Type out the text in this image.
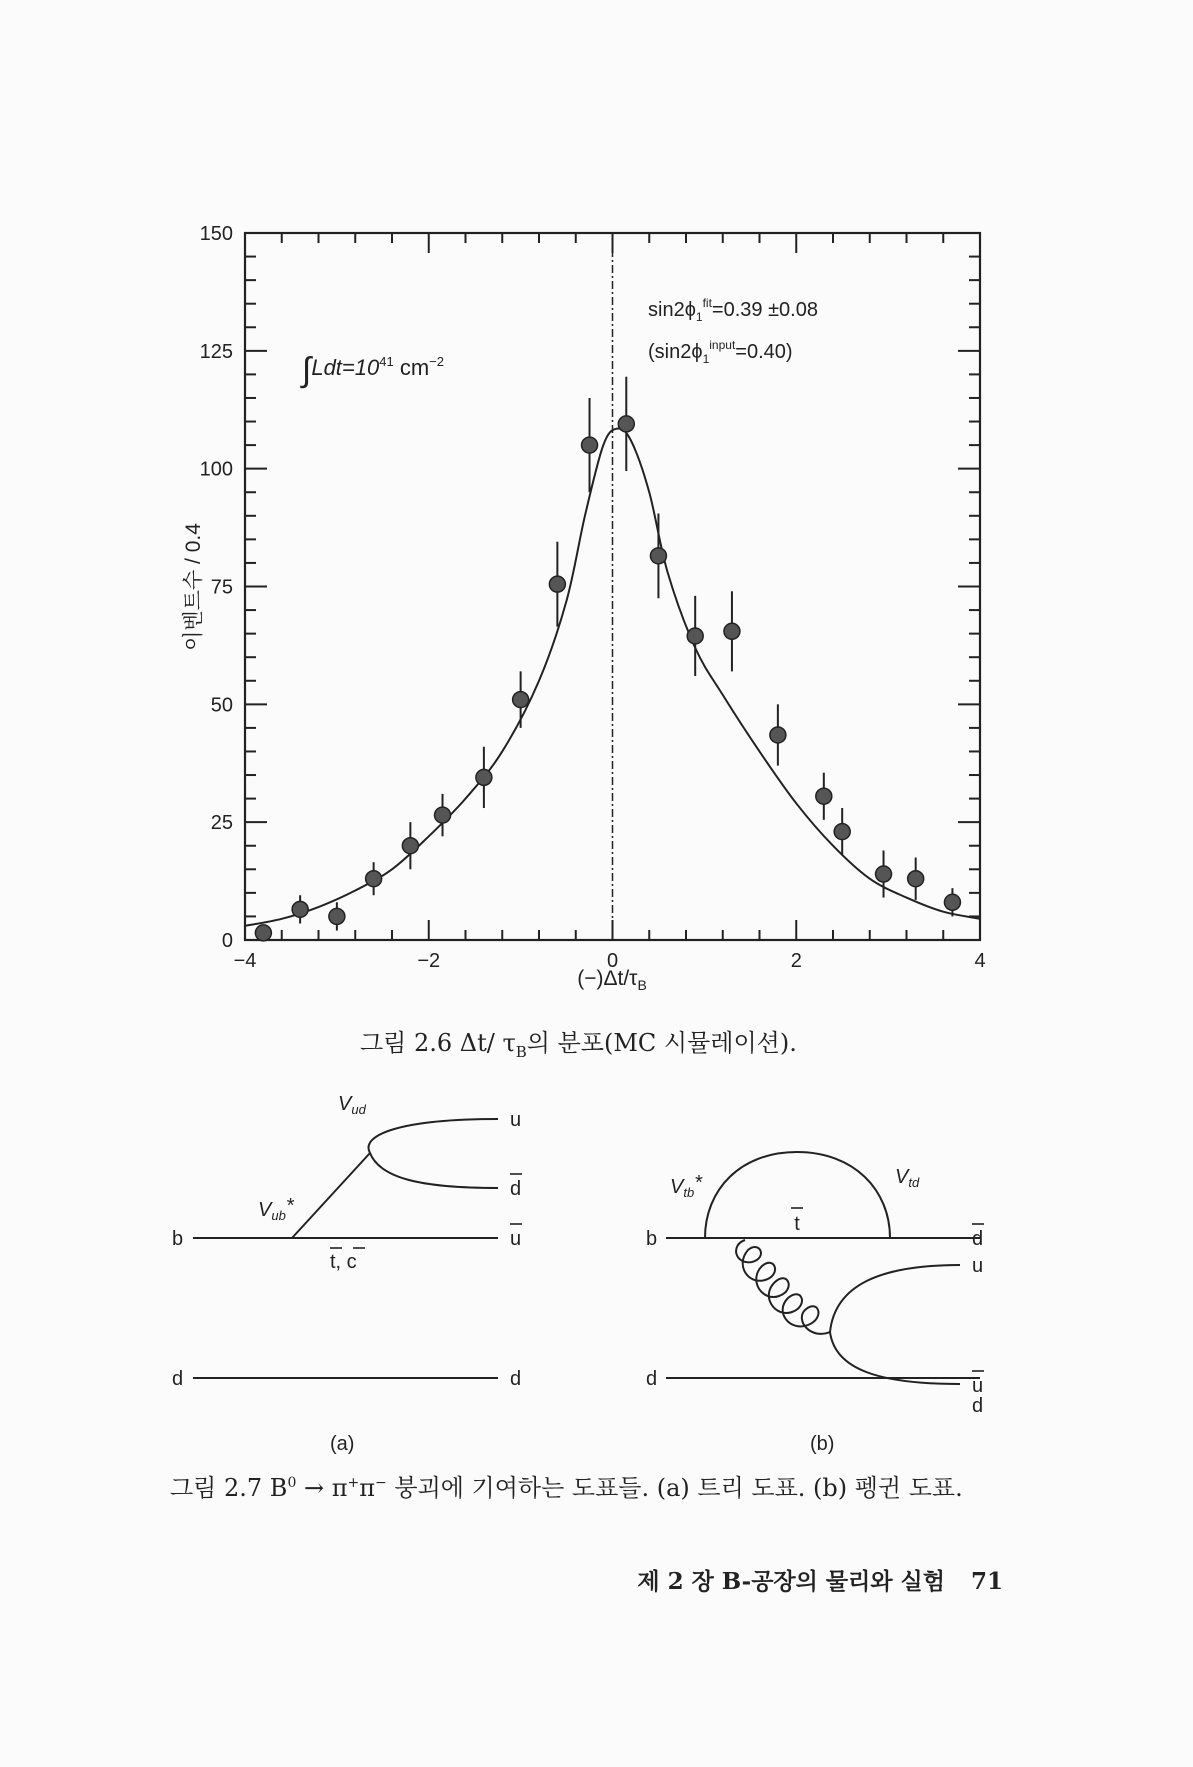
−4	−2	0	2	4
0
25
50
75
100
125
150
이벤트수 / 0.4
$(-)\Delta t/\tau_B$
$\int Ldt=10^{41}$ $cm^{-2}$
$\sin 2\phi_1^{fit}=0.39 \pm 0.08$
$(\sin 2\phi_1^{input}=0.40)$
그림 2.6 Δt/ $\tau_B$의 분포(MC 시뮬레이션).
b	u
u
d
$V_{ud}$
$V_{ub}*$
t, c
d	d
(a)
b
t
$V_{tb}*$	$V_{td}$
d
u
u
d
d
(b)
그림 2.7 $B^0 \to \pi^+\pi^-$ 붕괴에 기여하는 도표들. (a) 트리 도표. (b) 펭귄 도표.
제 2 장 B-공장의 물리와 실험 71
